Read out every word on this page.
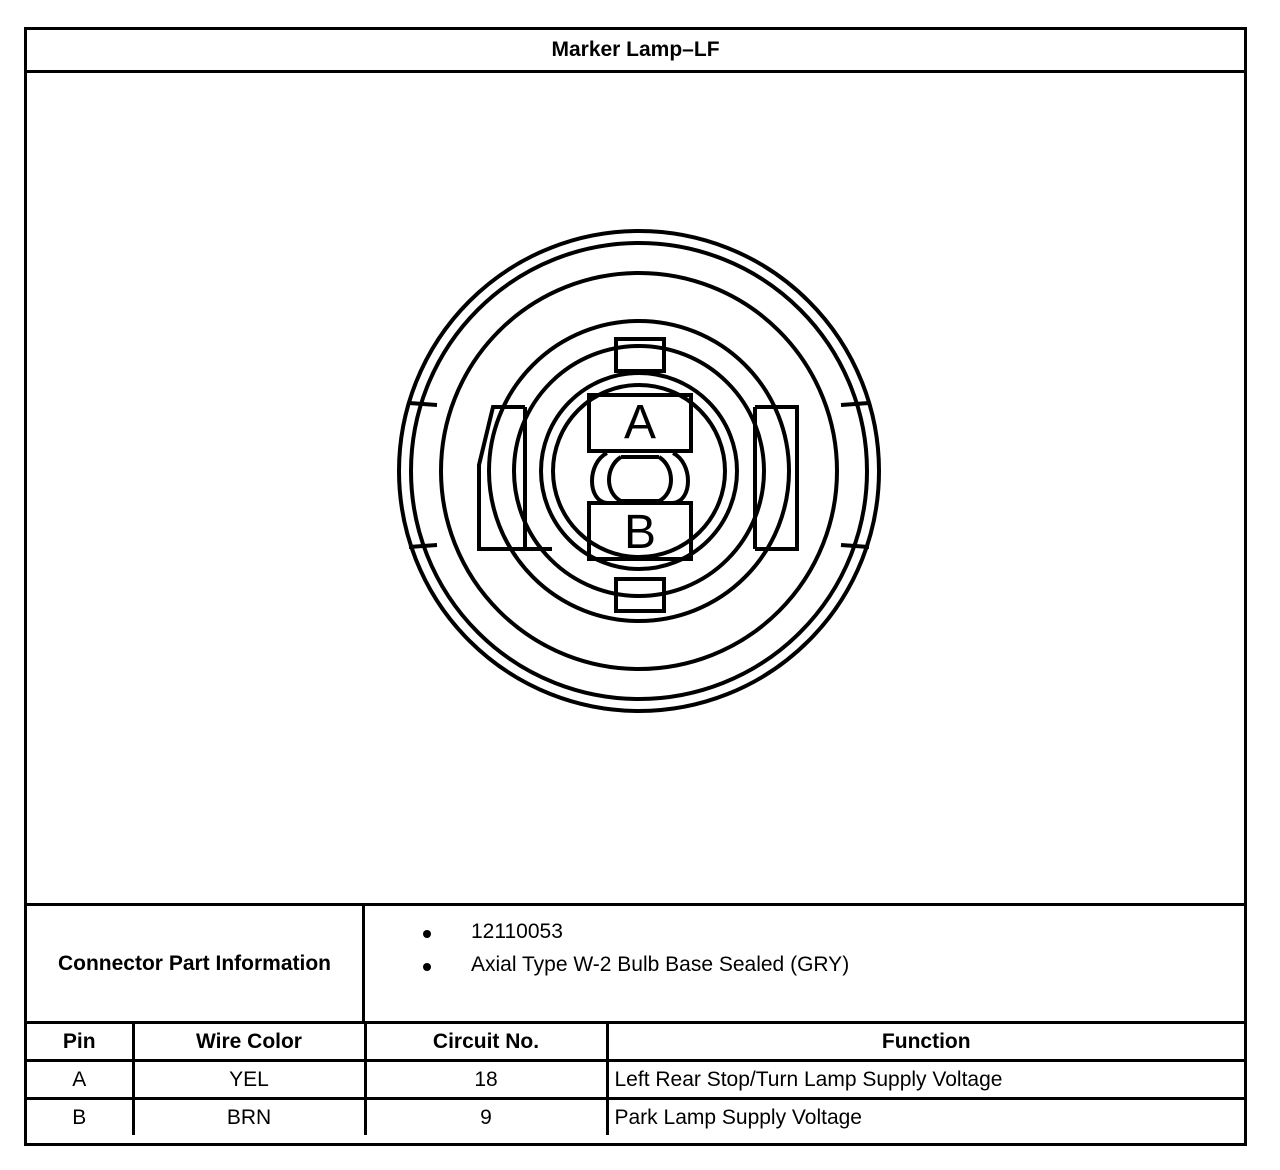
Marker Lamp–LF
A
B
Connector Part Information
12110053
Axial Type W-2 Bulb Base Sealed (GRY)
Pin	Wire Color	Circuit No.	Function
A	YEL	18	Left Rear Stop/Turn Lamp Supply Voltage
B	BRN	9	Park Lamp Supply Voltage
